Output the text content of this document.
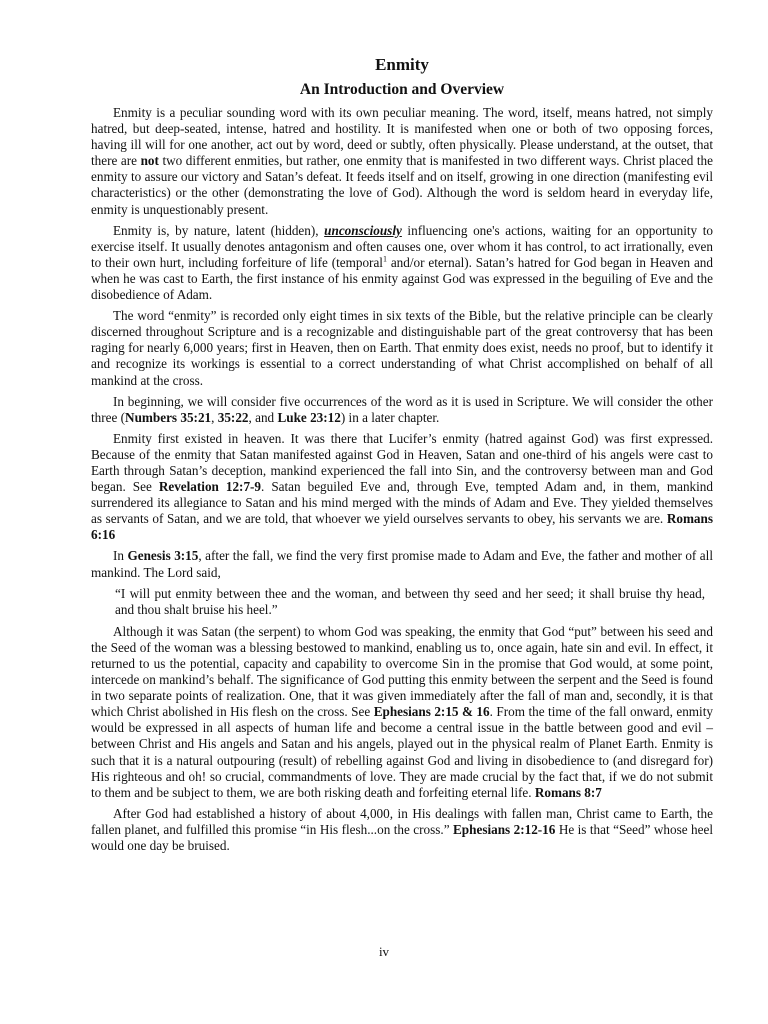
Enmity
An Introduction and Overview

Enmity is a peculiar sounding word with its own peculiar meaning. The word, itself, means hatred, not simply hatred, but deep-seated, intense, hatred and hostility. It is manifested when one or both of two opposing forces, having ill will for one another, act out by word, deed or subtly, often physically. Please understand, at the outset, that there are not two different enmities, but rather, one enmity that is manifested in two different ways. Christ placed the enmity to assure our victory and Satan’s defeat. It feeds itself and on itself, growing in one direction (manifesting evil characteristics) or the other (demonstrating the love of God). Although the word is seldom heard in everyday life, enmity is unquestionably present.

Enmity is, by nature, latent (hidden), unconsciously influencing one's actions, waiting for an opportunity to exercise itself. It usually denotes antagonism and often causes one, over whom it has control, to act irrationally, even to their own hurt, including forfeiture of life (temporal$^1$ and/or eternal). Satan’s hatred for God began in Heaven and when he was cast to Earth, the first instance of his enmity against God was expressed in the beguiling of Eve and the disobedience of Adam.

The word “enmity” is recorded only eight times in six texts of the Bible, but the relative principle can be clearly discerned throughout Scripture and is a recognizable and distinguishable part of the great controversy that has been raging for nearly 6,000 years; first in Heaven, then on Earth. That enmity does exist, needs no proof, but to identify it and recognize its workings is essential to a correct understanding of what Christ accomplished on behalf of all mankind at the cross.

In beginning, we will consider five occurrences of the word as it is used in Scripture. We will consider the other three (Numbers 35:21, 35:22, and Luke 23:12) in a later chapter.

Enmity first existed in heaven. It was there that Lucifer’s enmity (hatred against God) was first expressed. Because of the enmity that Satan manifested against God in Heaven, Satan and one-third of his angels were cast to Earth through Satan’s deception, mankind experienced the fall into Sin, and the controversy between man and God began. See Revelation 12:7-9. Satan beguiled Eve and, through Eve, tempted Adam and, in them, mankind surrendered its allegiance to Satan and his mind merged with the minds of Adam and Eve. They yielded themselves as servants of Satan, and we are told, that whoever we yield ourselves servants to obey, his servants we are. Romans 6:16

In Genesis 3:15, after the fall, we find the very first promise made to Adam and Eve, the father and mother of all mankind. The Lord said,

“I will put enmity between thee and the woman, and between thy seed and her seed; it shall bruise thy head, and thou shalt bruise his heel.”

Although it was Satan (the serpent) to whom God was speaking, the enmity that God “put” between his seed and the Seed of the woman was a blessing bestowed to mankind, enabling us to, once again, hate sin and evil. In effect, it returned to us the potential, capacity and capability to overcome Sin in the promise that God would, at some point, intercede on mankind’s behalf. The significance of God putting this enmity between the serpent and the Seed is found in two separate points of realization. One, that it was given immediately after the fall of man and, secondly, it is that which Christ abolished in His flesh on the cross. See Ephesians 2:15 & 16. From the time of the fall onward, enmity would be expressed in all aspects of human life and become a central issue in the battle between good and evil – between Christ and His angels and Satan and his angels, played out in the physical realm of Planet Earth. Enmity is such that it is a natural outpouring (result) of rebelling against God and living in disobedience to (and disregard for) His righteous and oh! so crucial, commandments of love. They are made crucial by the fact that, if we do not submit to them and be subject to them, we are both risking death and forfeiting eternal life. Romans 8:7

After God had established a history of about 4,000, in His dealings with fallen man, Christ came to Earth, the fallen planet, and fulfilled this promise “in His flesh...on the cross.” Ephesians 2:12-16 He is that “Seed” whose heel would one day be bruised.

iv
